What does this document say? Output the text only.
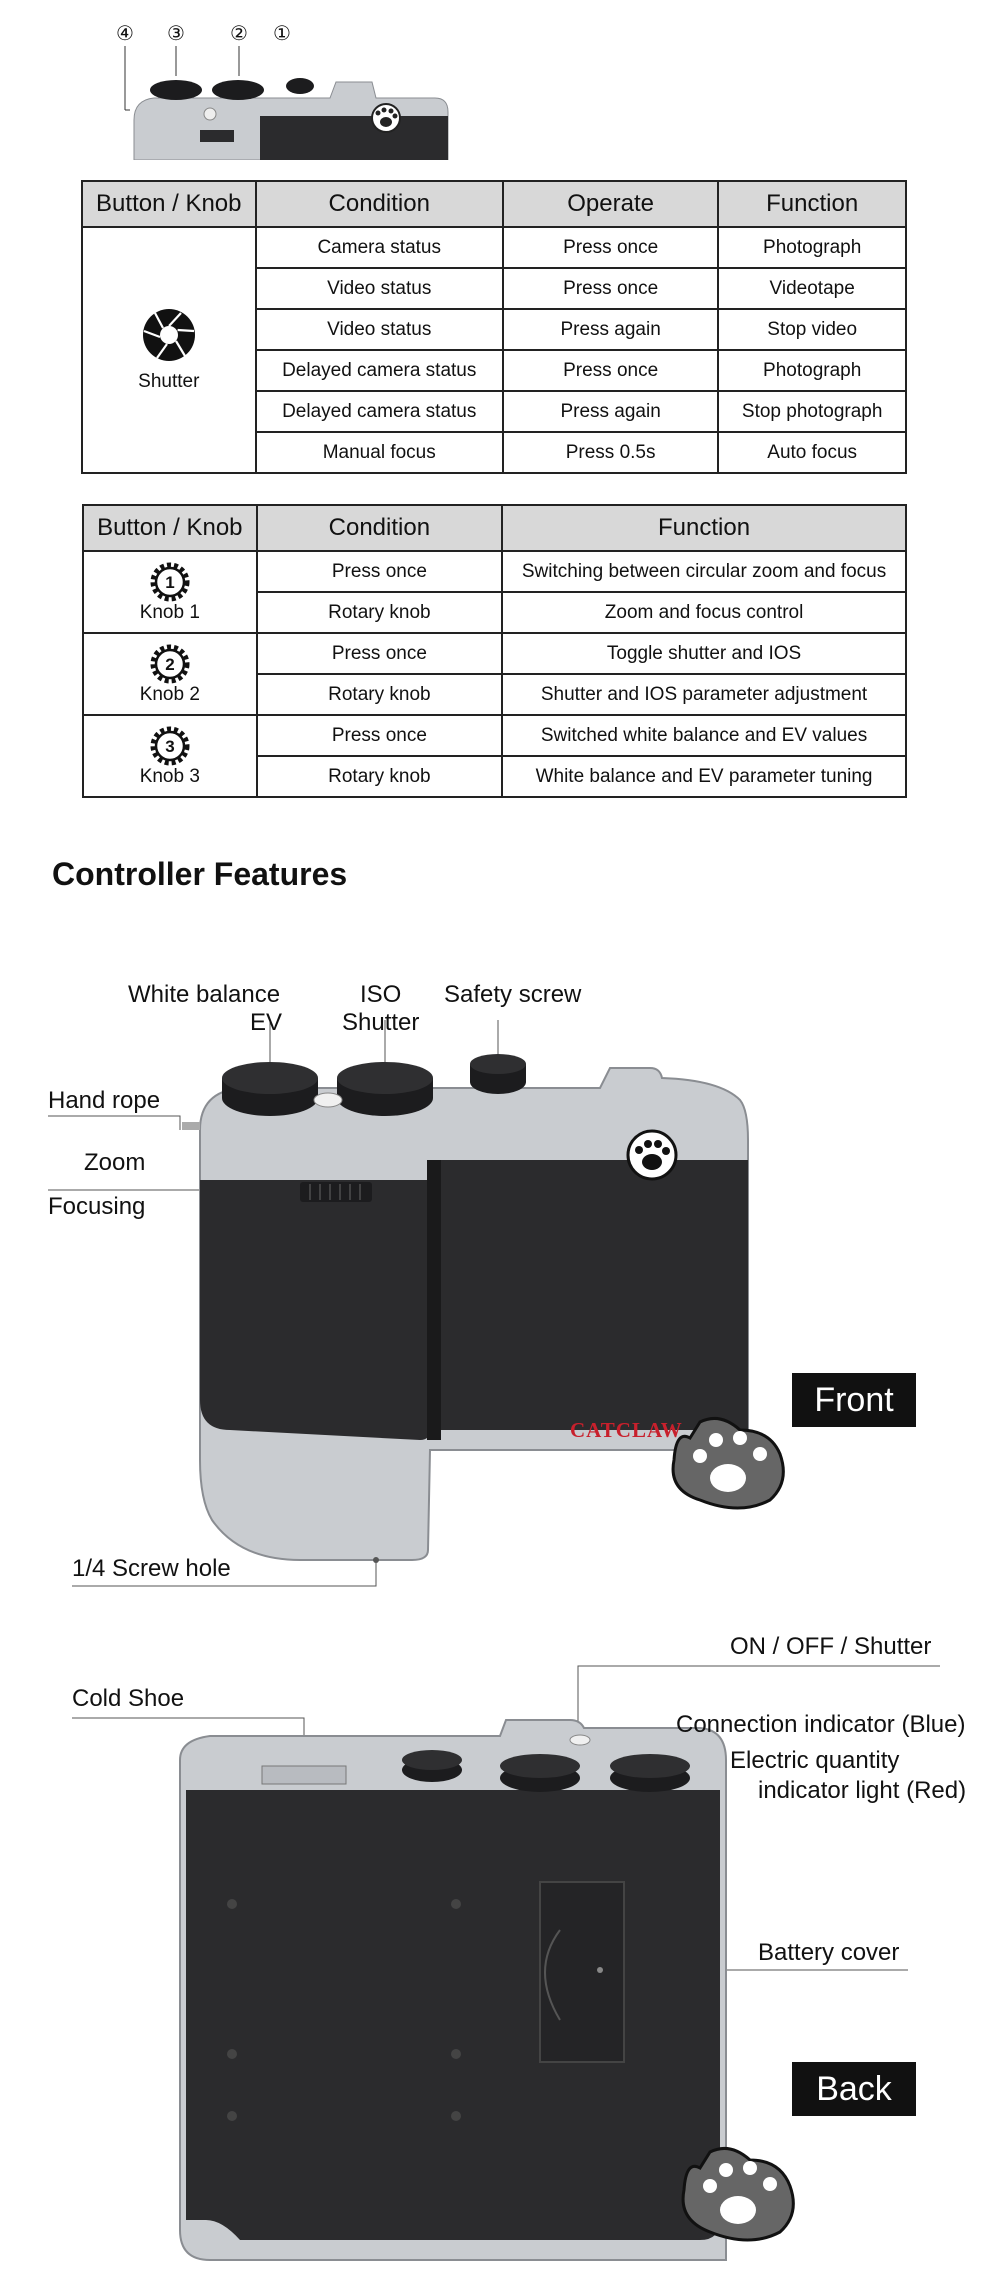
④ ③ ② ①
Button / Knob	Condition	Operate	Function

Shutter	Camera status	Press once	Photograph
	Video status	Press once	Videotape
	Video status	Press again	Stop video
	Delayed camera status	Press once	Photograph
	Delayed camera status	Press again	Stop photograph
	Manual focus	Press 0.5s	Auto focus
Button / Knob	Condition	Function

1
Knob 1	Press once	Switching between circular zoom and focus
	Rotary knob	Zoom and focus control

2
Knob 2	Press once	Toggle shutter and IOS
	Rotary knob	Shutter and IOS parameter adjustment

3
Knob 3	Press once	Switched white balance and EV values
	Rotary knob	White balance and EV parameter tuning
Controller Features
White balance
EV
ISO
Shutter
Safety screw
Hand rope
Zoom
Focusing
1/4 Screw hole
CATCLAW
Front
ON / OFF / Shutter
Cold Shoe
Connection indicator (Blue)
Electric quantity
indicator light (Red)
Battery cover
Back
